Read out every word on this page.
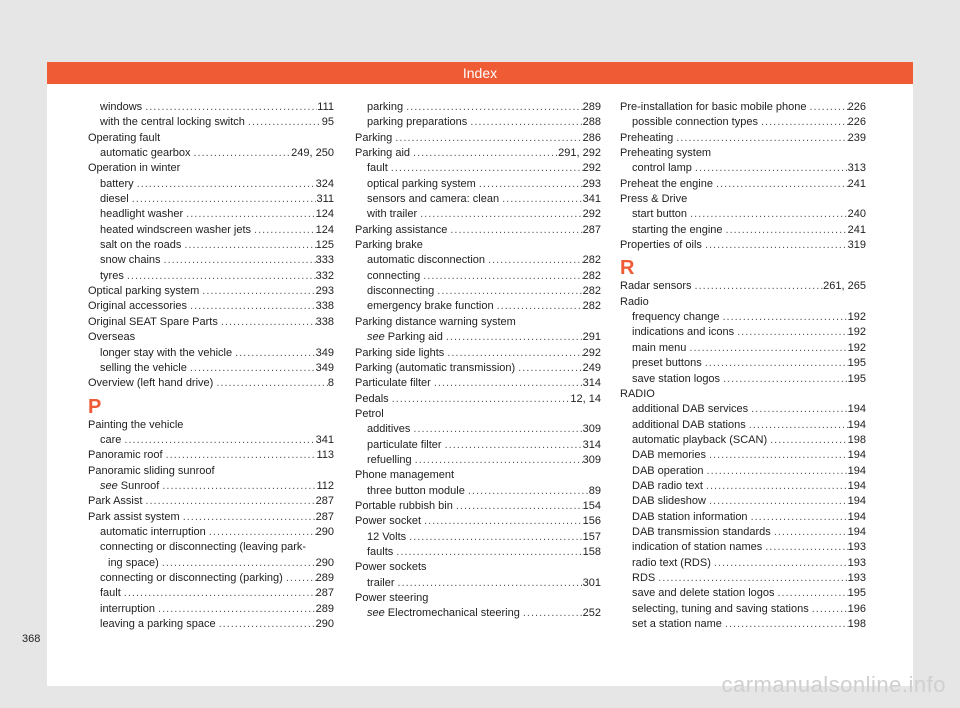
Index
windows .....	111
with the central locking switch .....	95
Operating fault
automatic gearbox .....	249, 250
Operation in winter
battery .....	324
diesel .....	311
headlight washer .....	124
heated windscreen washer jets .....	124
salt on the roads .....	125
snow chains .....	333
tyres .....	332
Optical parking system .....	293
Original accessories .....	338
Original SEAT Spare Parts .....	338
Overseas
longer stay with the vehicle .....	349
selling the vehicle .....	349
Overview (left hand drive) .....	8
P
Painting the vehicle
care .....	341
Panoramic roof .....	113
Panoramic sliding sunroof
see Sunroof .....	112
Park Assist .....	287
Park assist system .....	287
automatic interruption .....	290
connecting or disconnecting (leaving park-
ing space) .....	290
connecting or disconnecting (parking) .....	289
fault .....	287
interruption .....	289
leaving a parking space .....	290
parking .....	289
parking preparations .....	288
Parking .....	286
Parking aid .....	291, 292
fault .....	292
optical parking system .....	293
sensors and camera: clean .....	341
with trailer .....	292
Parking assistance .....	287
Parking brake
automatic disconnection .....	282
connecting .....	282
disconnecting .....	282
emergency brake function .....	282
Parking distance warning system
see Parking aid .....	291
Parking side lights .....	292
Parking (automatic transmission) .....	249
Particulate filter .....	314
Pedals .....	12, 14
Petrol
additives .....	309
particulate filter .....	314
refuelling .....	309
Phone management
three button module .....	89
Portable rubbish bin .....	154
Power socket .....	156
12 Volts .....	157
faults .....	158
Power sockets
trailer .....	301
Power steering
see Electromechanical steering .....	252
Pre-installation for basic mobile phone .....	226
possible connection types .....	226
Preheating .....	239
Preheating system
control lamp .....	313
Preheat the engine .....	241
Press & Drive
start button .....	240
starting the engine .....	241
Properties of oils .....	319
R
Radar sensors .....	261, 265
Radio
frequency change .....	192
indications and icons .....	192
main menu .....	192
preset buttons .....	195
save station logos .....	195
RADIO
additional DAB services .....	194
additional DAB stations .....	194
automatic playback (SCAN) .....	198
DAB memories .....	194
DAB operation .....	194
DAB radio text .....	194
DAB slideshow .....	194
DAB station information .....	194
DAB transmission standards .....	194
indication of station names .....	193
radio text (RDS) .....	193
RDS .....	193
save and delete station logos .....	195
selecting, tuning and saving stations .....	196
set a station name .....	198
368
carmanualsonline.info
